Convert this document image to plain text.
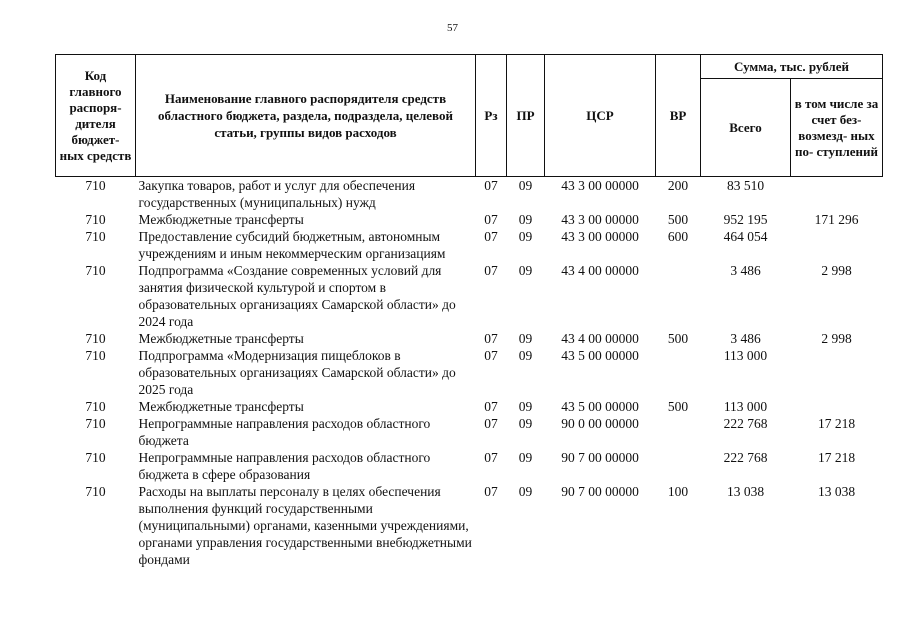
57
Код главного распоря- дителя бюджет- ных средств	Наименование главного распорядителя средств областного бюджета, раздела, подраздела, целевой статьи, группы видов расходов	Рз	ПР	ЦСР	ВР	Сумма, тыс. рублей	
						Всего	в том числе за счет без- возмезд- ных по- ступлений
710	Закупка товаров, работ и услуг для обеспечения государственных (муниципальных) нужд	07	09	43 3 00 00000	200	83 510	
710	Межбюджетные трансферты	07	09	43 3 00 00000	500	952 195	171 296
710	Предоставление субсидий бюджетным, автономным учреждениям и иным некоммерческим организациям	07	09	43 3 00 00000	600	464 054	
710	Подпрограмма «Создание современных условий для занятия физической культурой и спортом в образовательных организациях Самарской области» до 2024 года	07	09	43 4 00 00000		3 486	2 998
710	Межбюджетные трансферты	07	09	43 4 00 00000	500	3 486	2 998
710	Подпрограмма «Модернизация пищеблоков в образовательных организациях Самарской области» до 2025 года	07	09	43 5 00 00000		113 000	
710	Межбюджетные трансферты	07	09	43 5 00 00000	500	113 000	
710	Непрограммные направления расходов областного бюджета	07	09	90 0 00 00000		222 768	17 218
710	Непрограммные направления расходов областного бюджета в сфере образования	07	09	90 7 00 00000		222 768	17 218
710	Расходы на выплаты персоналу в целях обеспечения выполнения функций государственными (муниципальными) органами, казенными учреждениями, органами управления государственными внебюджетными фондами	07	09	90 7 00 00000	100	13 038	13 038
